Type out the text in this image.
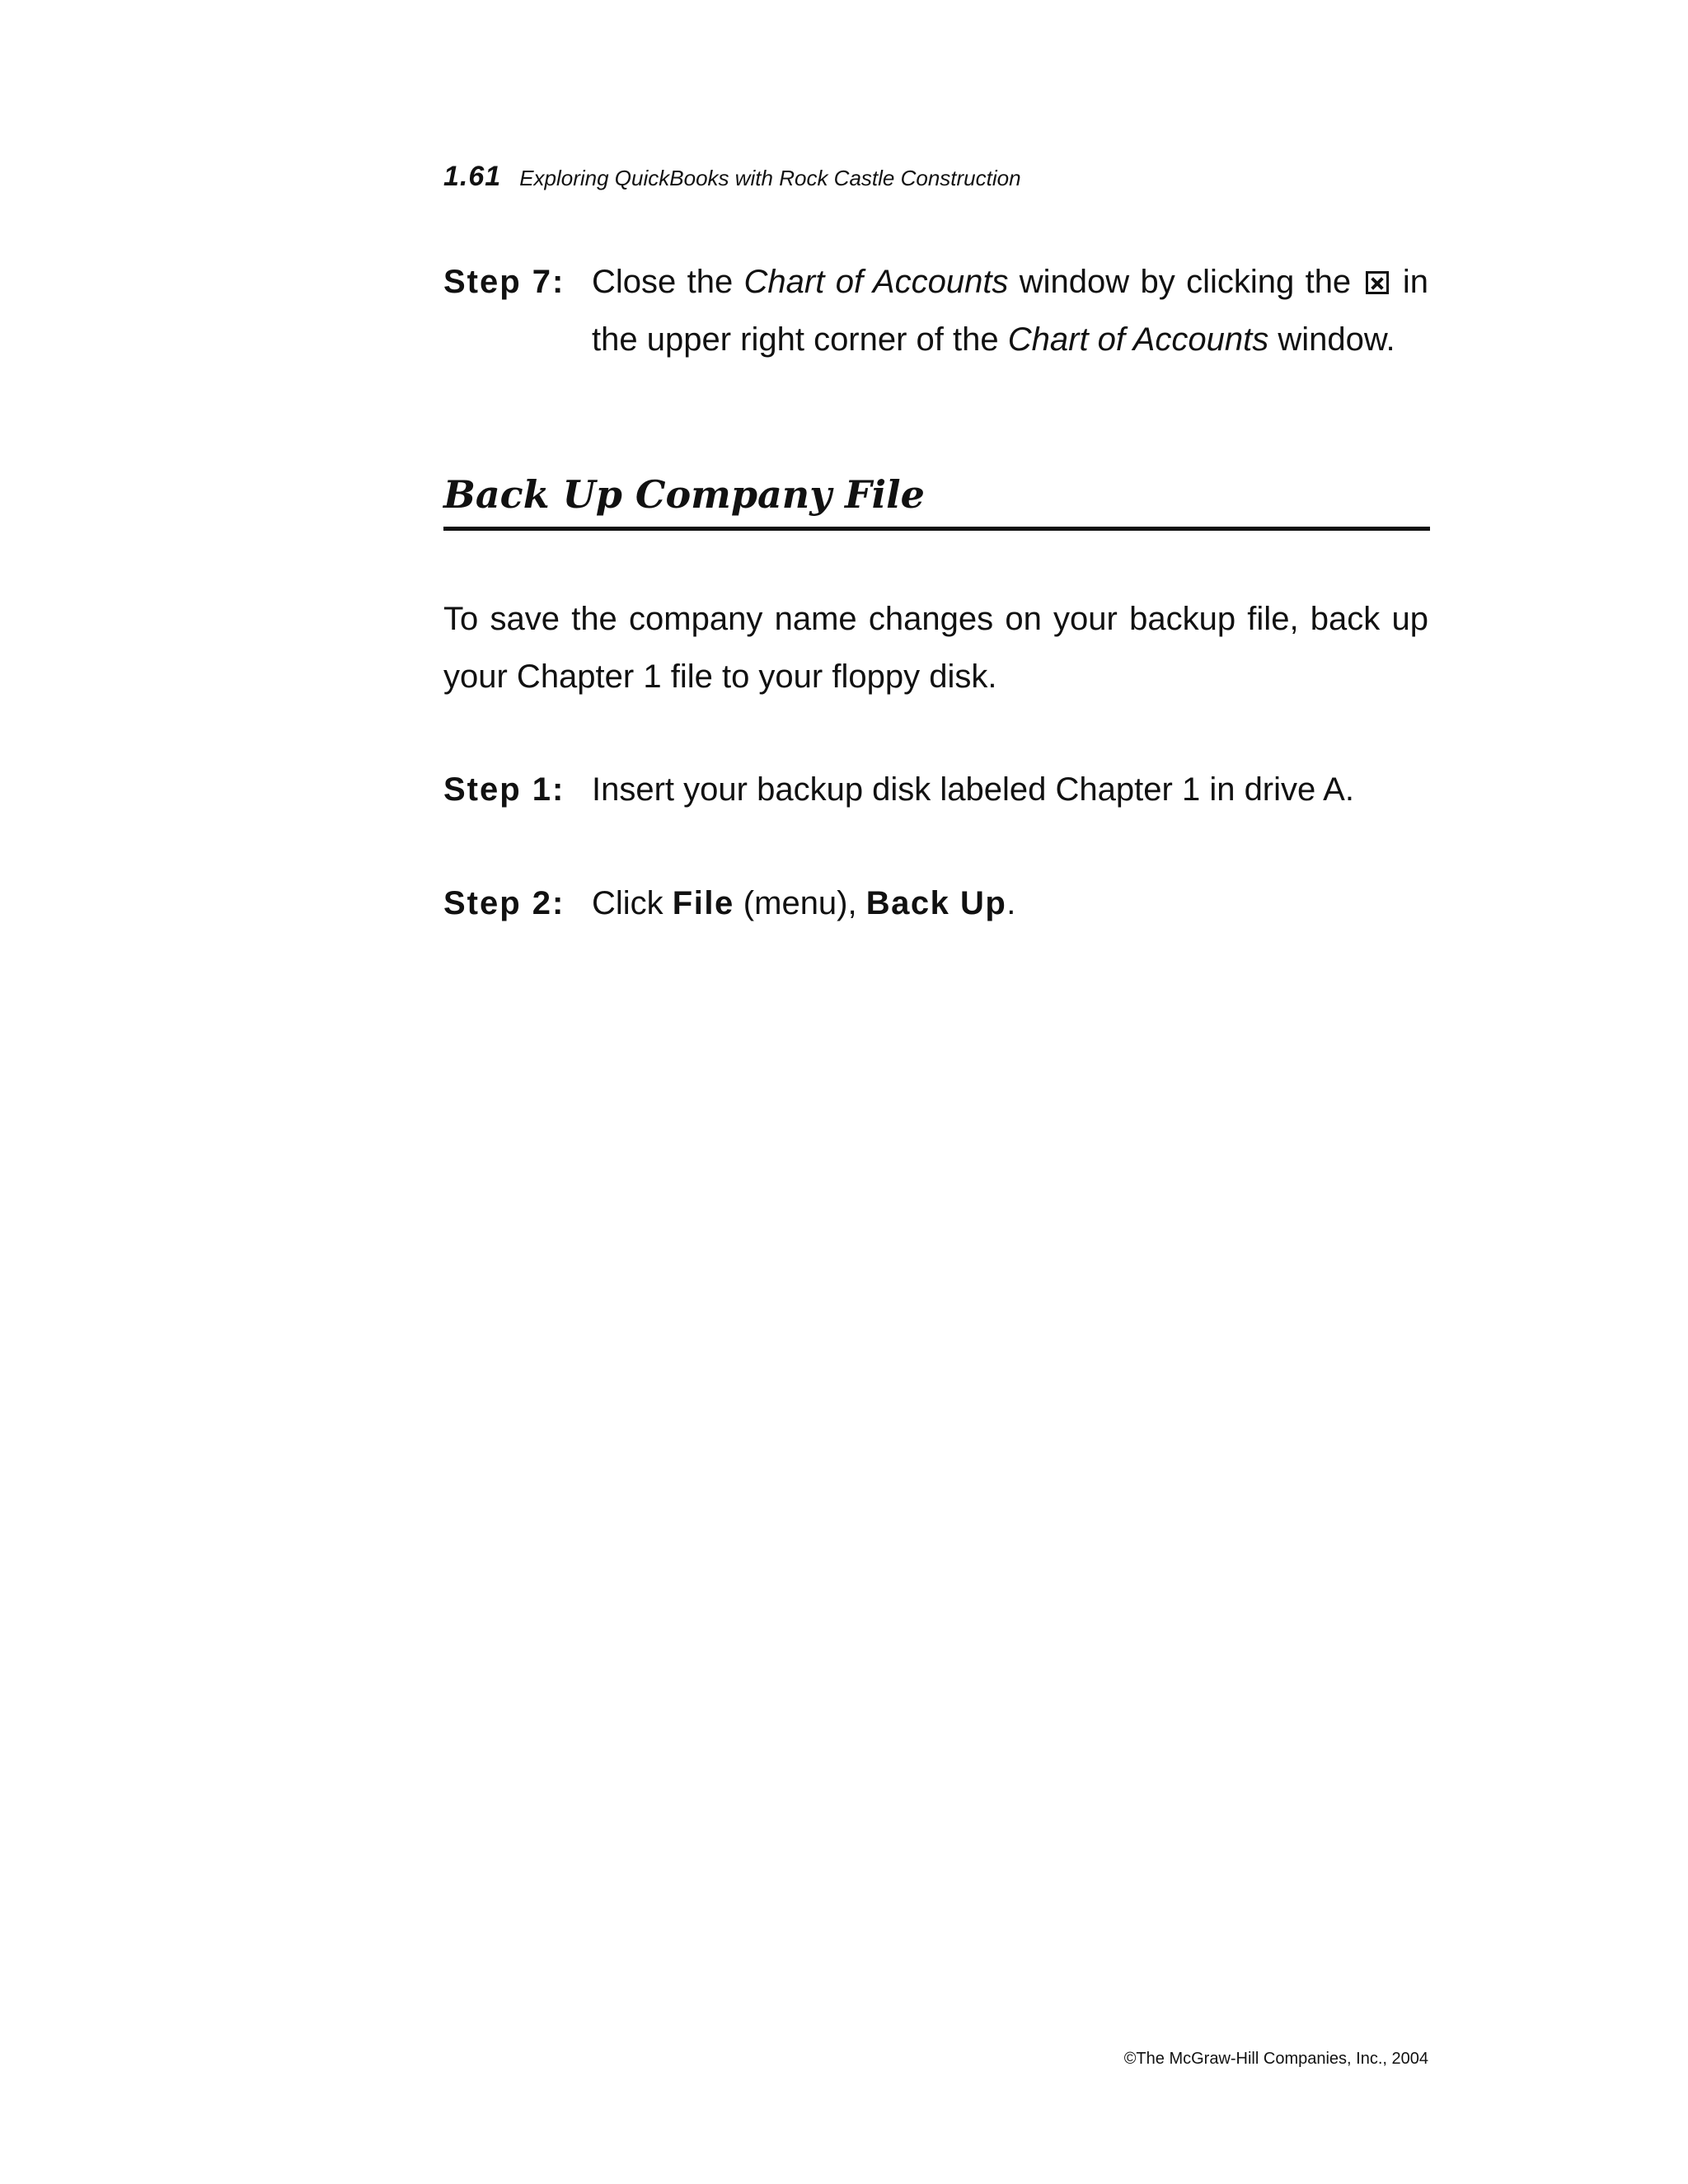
1.61 Exploring QuickBooks with Rock Castle Construction
Step 7: Close the Chart of Accounts window by clicking the  in the upper right corner of the Chart of Accounts window.
Back Up Company File
To save the company name changes on your backup file, back up your Chapter 1 file to your floppy disk.
Step 1: Insert your backup disk labeled Chapter 1 in drive A.
Step 2: Click File (menu), Back Up.
©The McGraw-Hill Companies, Inc., 2004
